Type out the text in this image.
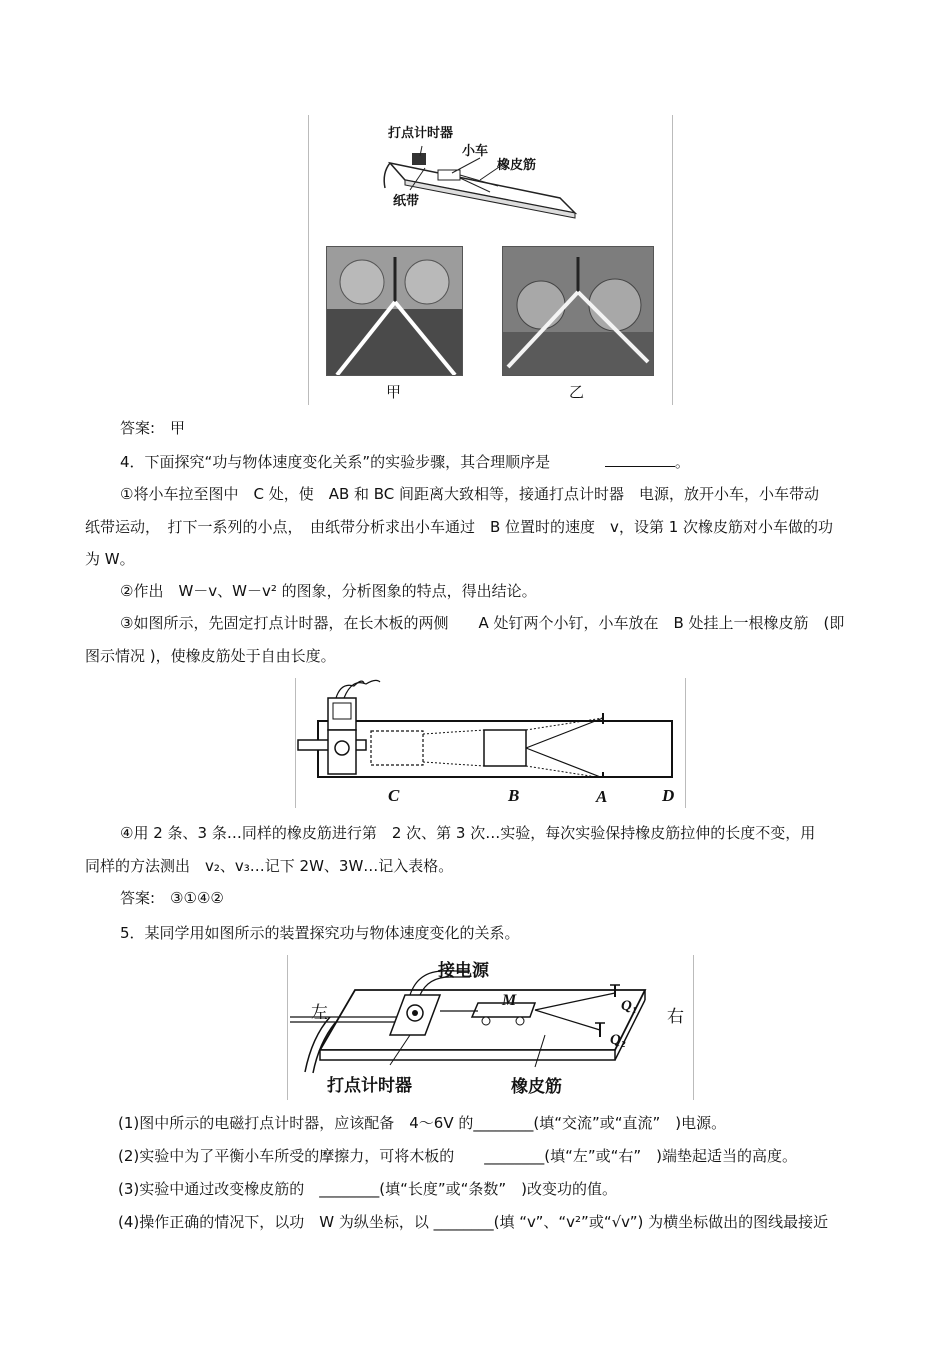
打点计时器
小车
橡皮筋
纸带
甲	乙
答案:　甲
4．下面探究“功与物体速度变化关系”的实验步骤，其合理顺序是	。
①将小车拉至图中　C 处，使　AB 和 BC 间距离大致相等，接通打点计时器　电源，放开小车，小车带动
纸带运动，　打下一系列的小点，　由纸带分析求出小车通过　B 位置时的速度　v，设第 1 次橡皮筋对小车做的功
为 W。
②作出　W－v、W－v² 的图象，分析图象的特点，得出结论。
③如图所示，先固定打点计时器，在长木板的两侧　　A 处钉两个小钉，小车放在　B 处挂上一根橡皮筋　(即
图示情况 )，使橡皮筋处于自由长度。
C	B	A	D
④用 2 条、3 条…同样的橡皮筋进行第　2 次、第 3 次…实验，每次实验保持橡皮筋拉伸的长度不变，用
同样的方法测出　v₂、v₃…记下 2W、3W…记入表格。
答案:　③①④②
5．某同学用如图所示的装置探究功与物体速度变化的关系。
接电源
左	右
M	Q₁
Q₂
打点计时器	橡皮筋
(1)图中所示的电磁打点计时器，应该配备　4～6V 的________(填“交流”或“直流”　)电源。
(2)实验中为了平衡小车所受的摩擦力，可将木板的　　________(填“左”或“右”　)端垫起适当的高度。
(3)实验中通过改变橡皮筋的　________(填“长度”或“条数”　)改变功的值。
(4)操作正确的情况下，以功　W 为纵坐标，以 ________(填 “v”、“v²”或“√v”) 为横坐标做出的图线最接近
